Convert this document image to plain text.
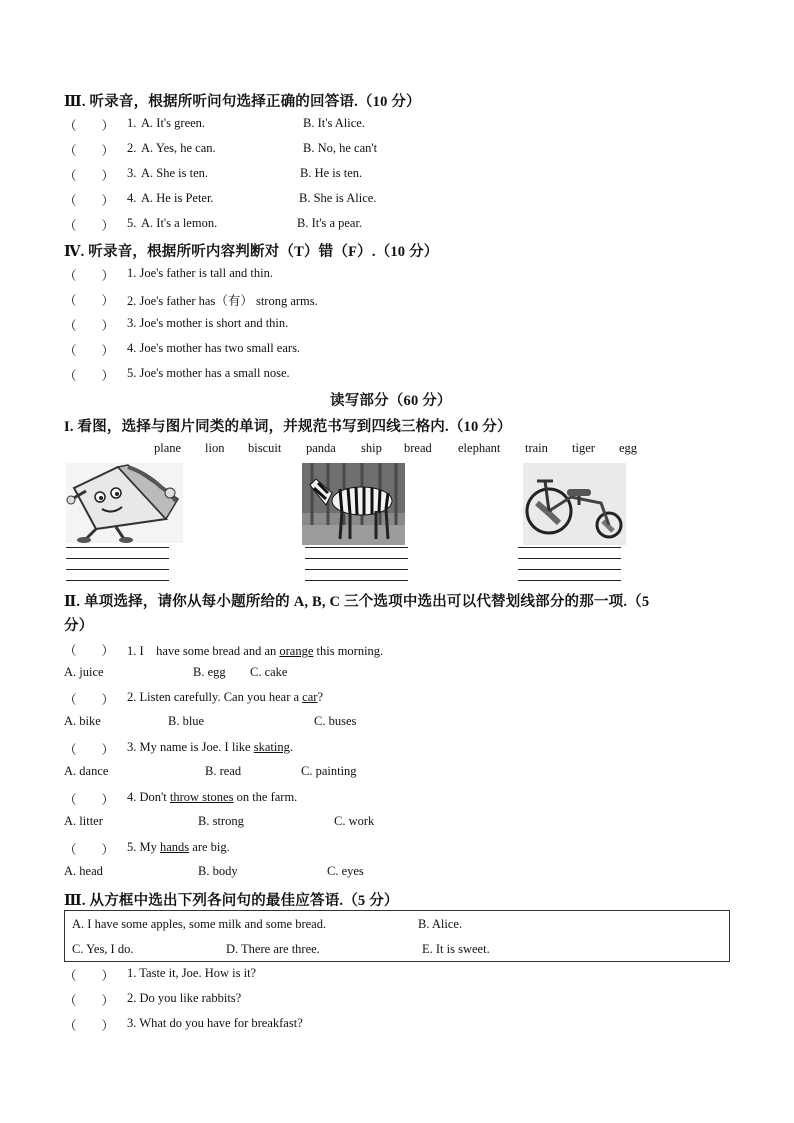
Ⅲ. 听录音，根据所听问句选择正确的回答语.（10 分）
（　　） 1. A. It's green.	B. It's Alice.
（　　） 2. A. Yes, he can.	B. No, he can't
（　　） 3. A. She is ten.	B. He is ten.
（　　） 4. A. He is Peter.	B. She is Alice.
（　　） 5. A. It's a lemon.	B. It's a pear.
Ⅳ. 听录音，根据所听内容判断对（T）错（F）.（10 分）
（　　） 1. Joe's father is tall and thin.
（　　） 2. Joe's father has（有） strong arms.
（　　） 3. Joe's mother is short and thin.
（　　） 4. Joe's mother has two small ears.
（　　） 5. Joe's mother has a small nose.
读写部分（60 分）
I. 看图，选择与图片同类的单词，并规范书写到四线三格内.（10 分）
plane lion biscuit panda ship bread elephant train tiger egg
Ⅱ. 单项选择，请你从每小题所给的 A, B, C 三个选项中选出可以代替划线部分的那一项.（5
分）
（　　） 1. I　have some bread and an orange this morning.
A. juice	B. egg C. cake
（　　） 2. Listen carefully. Can you hear a car?
A. bike	B. blue	C. buses
（　　） 3. My name is Joe. I like skating.
A. dance	B. read	C. painting
（　　） 4. Don't throw stones on the farm.
A. litter	B. strong	C. work
（　　） 5. My hands are big.
A. head	B. body	C. eyes
Ⅲ. 从方框中选出下列各问句的最佳应答语.（5 分）
A. I have some apples, some milk and some bread.	B. Alice.
C. Yes, I do.	D. There are three.	E. It is sweet.
（　　） 1. Taste it, Joe. How is it?
（　　） 2. Do you like rabbits?
（　　） 3. What do you have for breakfast?
